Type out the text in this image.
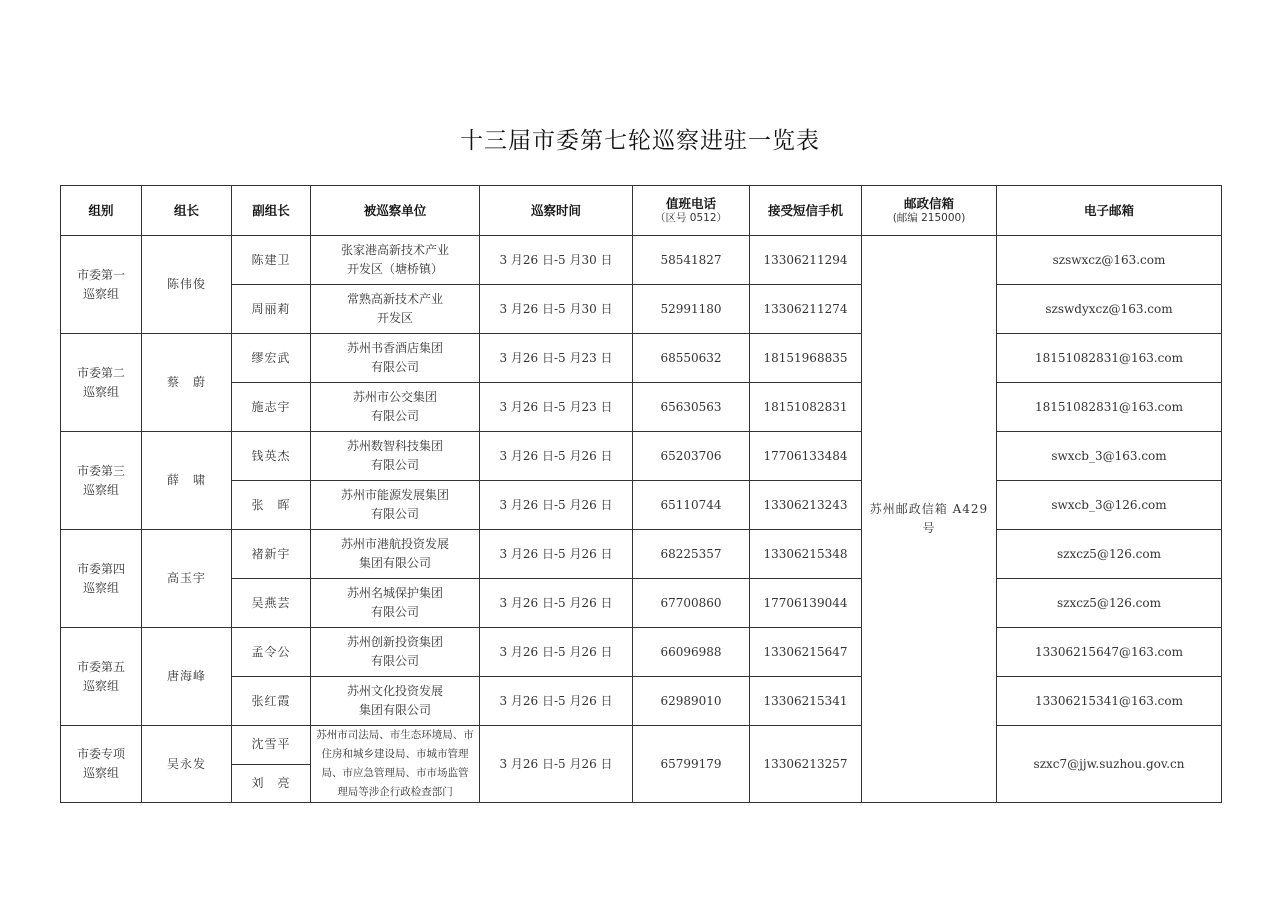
十三届市委第七轮巡察进驻一览表
组别	组长	副组长	被巡察单位	巡察时间	值班电话
（区号 0512）	接受短信手机	邮政信箱
(邮编 215000)	电子邮箱
市委第一
巡察组	陈伟俊	陈建卫	张家港高新技术产业
开发区（塘桥镇）	3 月26 日-5 月30 日	58541827	13306211294	苏州邮政信箱 A429 号	szswxcz@163.com
		周丽莉	常熟高新技术产业
开发区	3 月26 日-5 月30 日	52991180	13306211274		szswdyxcz@163.com
市委第二
巡察组	蔡　蔚	缪宏武	苏州书香酒店集团
有限公司	3 月26 日-5 月23 日	68550632	18151968835		18151082831@163.com
		施志宇	苏州市公交集团
有限公司	3 月26 日-5 月23 日	65630563	18151082831		18151082831@163.com
市委第三
巡察组	薛　啸	钱英杰	苏州数智科技集团
有限公司	3 月26 日-5 月26 日	65203706	17706133484		swxcb_3@163.com
		张　晖	苏州市能源发展集团
有限公司	3 月26 日-5 月26 日	65110744	13306213243		swxcb_3@126.com
市委第四
巡察组	高玉宇	褚新宇	苏州市港航投资发展
集团有限公司	3 月26 日-5 月26 日	68225357	13306215348		szxcz5@126.com
		吴燕芸	苏州名城保护集团
有限公司	3 月26 日-5 月26 日	67700860	17706139044		szxcz5@126.com
市委第五
巡察组	唐海峰	孟令公	苏州创新投资集团
有限公司	3 月26 日-5 月26 日	66096988	13306215647		13306215647@163.com
		张红霞	苏州文化投资发展
集团有限公司	3 月26 日-5 月26 日	62989010	13306215341		13306215341@163.com
市委专项
巡察组	吴永发	沈雪平	苏州市司法局、市生态环境局、市
住房和城乡建设局、市城市管理
局、市应急管理局、市市场监管
理局等涉企行政检查部门	3 月26 日-5 月26 日	65799179	13306213257		szxc7@jjw.suzhou.gov.cn
		刘　亮						
